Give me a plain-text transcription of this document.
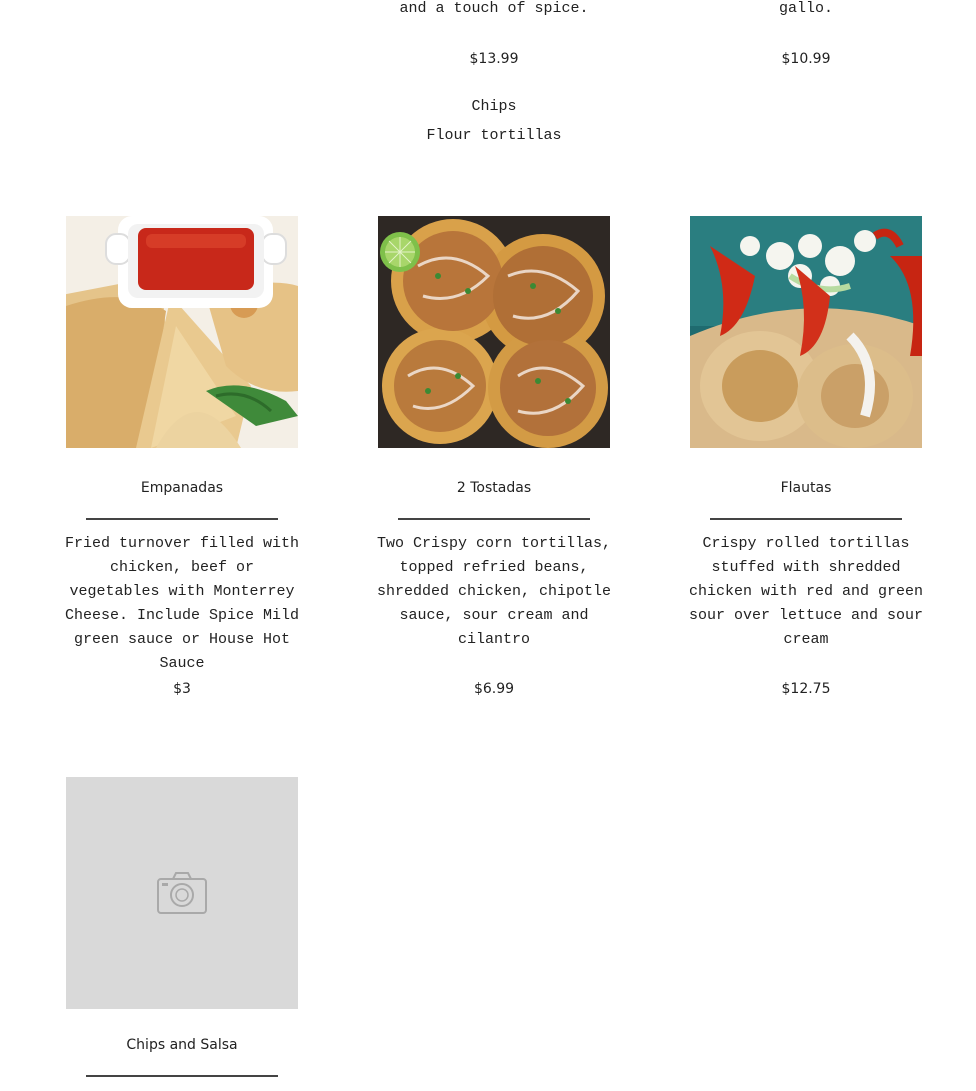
and a touch of spice.	gallo.
$13.99	$10.99
Chips
Flour tortillas
Empanadas
Fried turnover filled with chicken, beef or vegetables with Monterrey Cheese. Include Spice Mild green sauce or House Hot Sauce
$3
2 Tostadas
Two Crispy corn tortillas, topped refried beans, shredded chicken, chipotle sauce, sour cream and cilantro
$6.99
Flautas
Crispy rolled tortillas stuffed with shredded chicken with red and green sour over lettuce and sour cream
$12.75
Chips and Salsa
